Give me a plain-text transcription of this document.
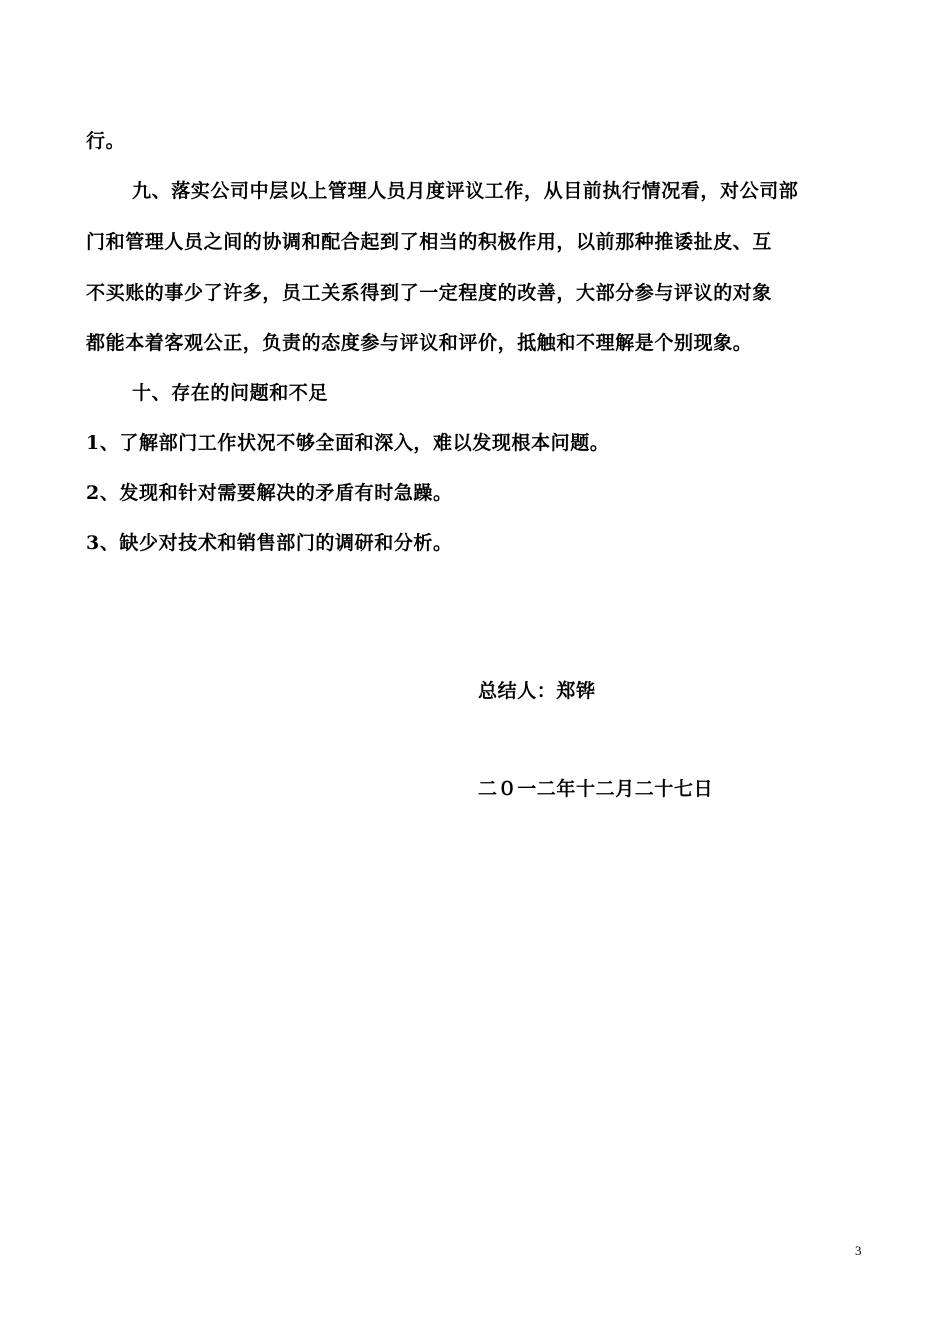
行。
九、落实公司中层以上管理人员月度评议工作，从目前执行情况看，对公司部
门和管理人员之间的协调和配合起到了相当的积极作用，以前那种推诿扯皮、互
不买账的事少了许多，员工关系得到了一定程度的改善，大部分参与评议的对象
都能本着客观公正，负责的态度参与评议和评价，抵触和不理解是个别现象。
十、存在的问题和不足
1、了解部门工作状况不够全面和深入，难以发现根本问题。
2、发现和针对需要解决的矛盾有时急躁。
3、缺少对技术和销售部门的调研和分析。
总结人：郑铧
二０一二年十二月二十七日
3
